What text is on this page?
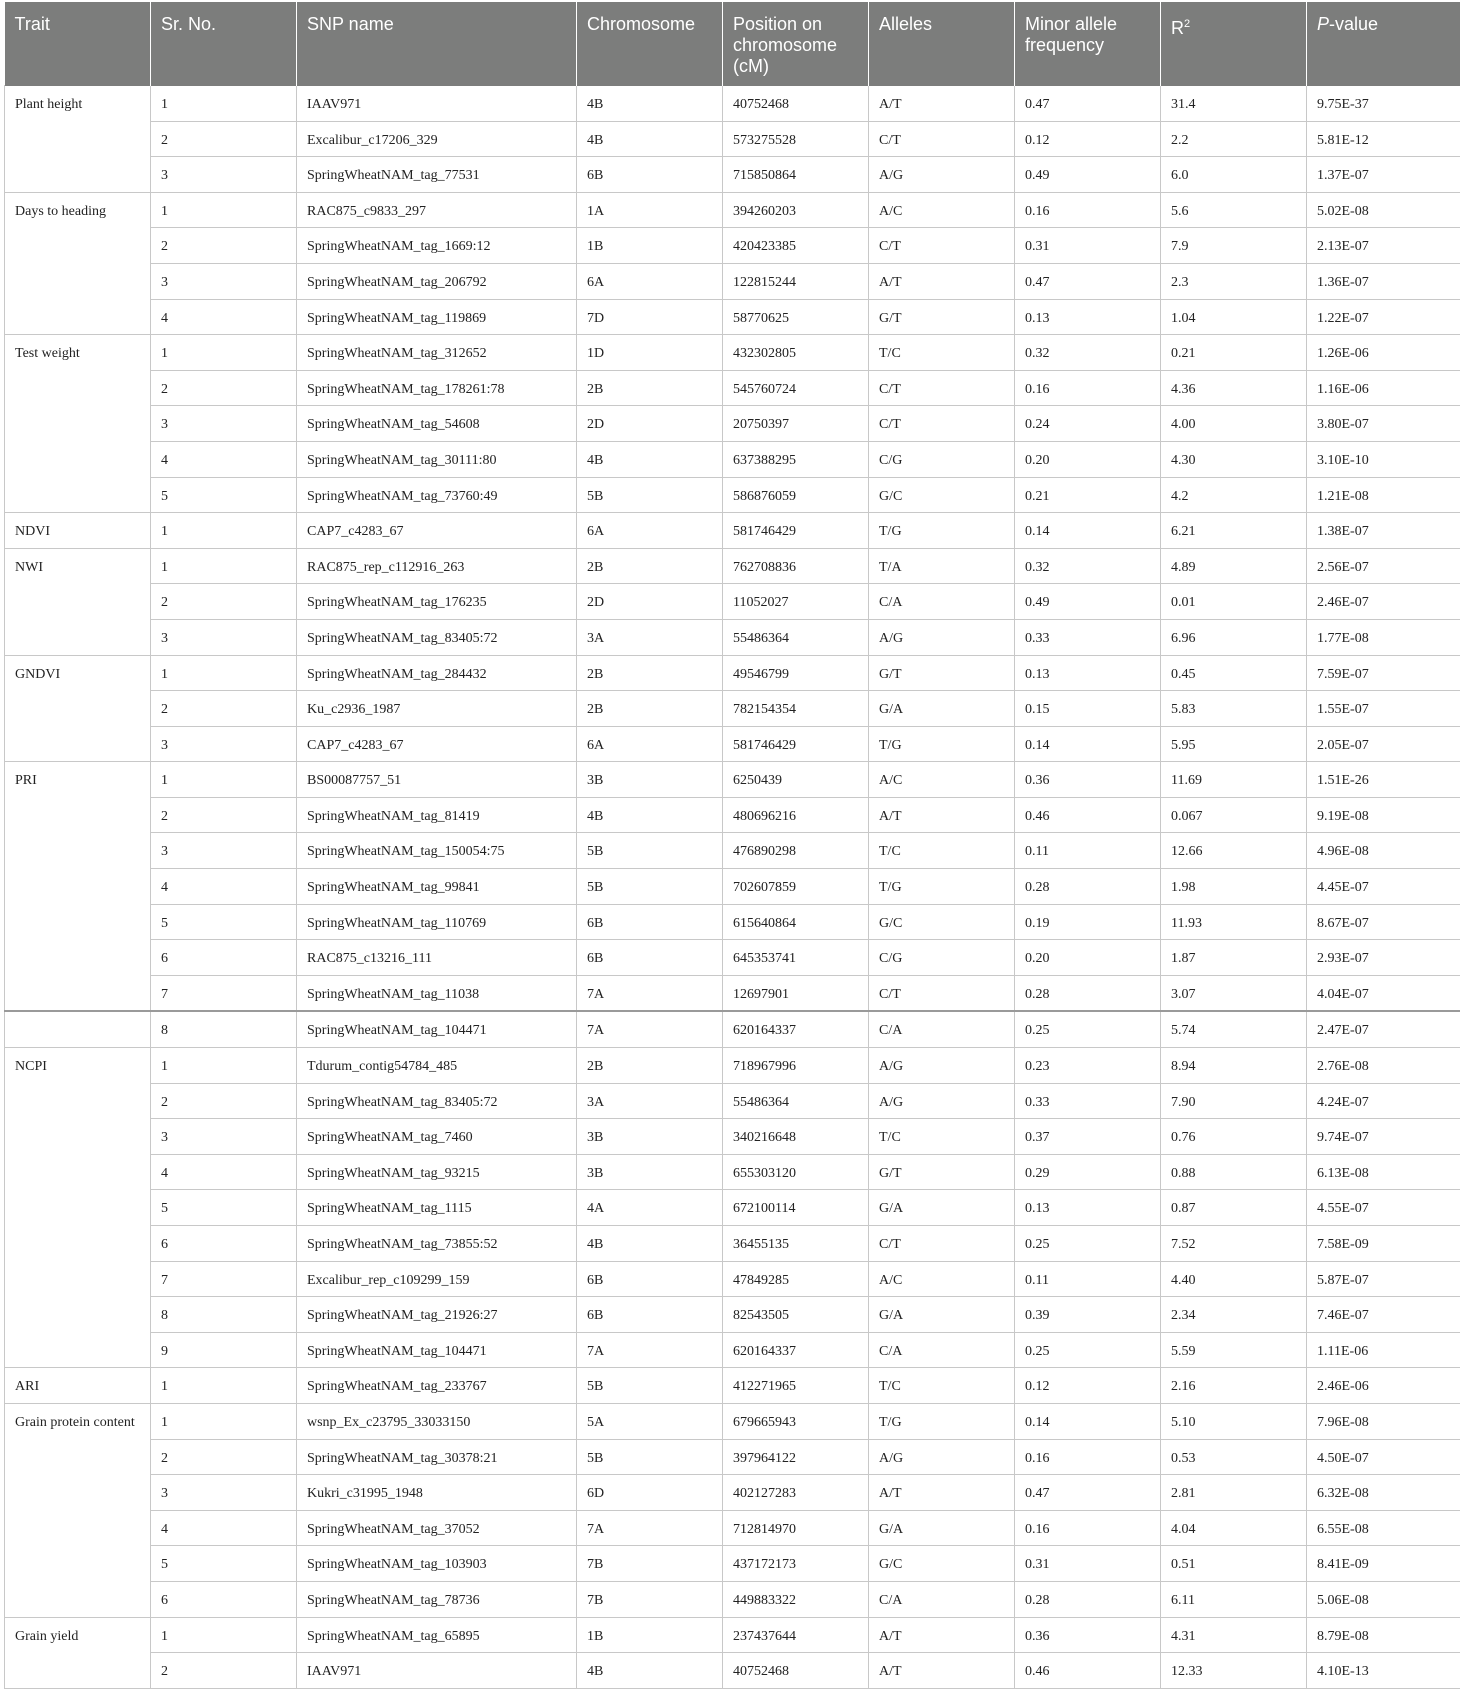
Trait	Sr. No.	SNP name	Chromosome	Position on chromosome (cM)	Alleles	Minor allele frequency	$R^2$	P-value
Plant height	1	IAAV971	4B	40752468	A/T	0.47	31.4	9.75E-37
	2	Excalibur_c17206_329	4B	573275528	C/T	0.12	2.2	5.81E-12
	3	SpringWheatNAM_tag_77531	6B	715850864	A/G	0.49	6.0	1.37E-07
Days to heading	1	RAC875_c9833_297	1A	394260203	A/C	0.16	5.6	5.02E-08
	2	SpringWheatNAM_tag_1669:12	1B	420423385	C/T	0.31	7.9	2.13E-07
	3	SpringWheatNAM_tag_206792	6A	122815244	A/T	0.47	2.3	1.36E-07
	4	SpringWheatNAM_tag_119869	7D	58770625	G/T	0.13	1.04	1.22E-07
Test weight	1	SpringWheatNAM_tag_312652	1D	432302805	T/C	0.32	0.21	1.26E-06
	2	SpringWheatNAM_tag_178261:78	2B	545760724	C/T	0.16	4.36	1.16E-06
	3	SpringWheatNAM_tag_54608	2D	20750397	C/T	0.24	4.00	3.80E-07
	4	SpringWheatNAM_tag_30111:80	4B	637388295	C/G	0.20	4.30	3.10E-10
	5	SpringWheatNAM_tag_73760:49	5B	586876059	G/C	0.21	4.2	1.21E-08
NDVI	1	CAP7_c4283_67	6A	581746429	T/G	0.14	6.21	1.38E-07
NWI	1	RAC875_rep_c112916_263	2B	762708836	T/A	0.32	4.89	2.56E-07
	2	SpringWheatNAM_tag_176235	2D	11052027	C/A	0.49	0.01	2.46E-07
	3	SpringWheatNAM_tag_83405:72	3A	55486364	A/G	0.33	6.96	1.77E-08
GNDVI	1	SpringWheatNAM_tag_284432	2B	49546799	G/T	0.13	0.45	7.59E-07
	2	Ku_c2936_1987	2B	782154354	G/A	0.15	5.83	1.55E-07
	3	CAP7_c4283_67	6A	581746429	T/G	0.14	5.95	2.05E-07
PRI	1	BS00087757_51	3B	6250439	A/C	0.36	11.69	1.51E-26
	2	SpringWheatNAM_tag_81419	4B	480696216	A/T	0.46	0.067	9.19E-08
	3	SpringWheatNAM_tag_150054:75	5B	476890298	T/C	0.11	12.66	4.96E-08
	4	SpringWheatNAM_tag_99841	5B	702607859	T/G	0.28	1.98	4.45E-07
	5	SpringWheatNAM_tag_110769	6B	615640864	G/C	0.19	11.93	8.67E-07
	6	RAC875_c13216_111	6B	645353741	C/G	0.20	1.87	2.93E-07
	7	SpringWheatNAM_tag_11038	7A	12697901	C/T	0.28	3.07	4.04E-07
	8	SpringWheatNAM_tag_104471	7A	620164337	C/A	0.25	5.74	2.47E-07
NCPI	1	Tdurum_contig54784_485	2B	718967996	A/G	0.23	8.94	2.76E-08
	2	SpringWheatNAM_tag_83405:72	3A	55486364	A/G	0.33	7.90	4.24E-07
	3	SpringWheatNAM_tag_7460	3B	340216648	T/C	0.37	0.76	9.74E-07
	4	SpringWheatNAM_tag_93215	3B	655303120	G/T	0.29	0.88	6.13E-08
	5	SpringWheatNAM_tag_1115	4A	672100114	G/A	0.13	0.87	4.55E-07
	6	SpringWheatNAM_tag_73855:52	4B	36455135	C/T	0.25	7.52	7.58E-09
	7	Excalibur_rep_c109299_159	6B	47849285	A/C	0.11	4.40	5.87E-07
	8	SpringWheatNAM_tag_21926:27	6B	82543505	G/A	0.39	2.34	7.46E-07
	9	SpringWheatNAM_tag_104471	7A	620164337	C/A	0.25	5.59	1.11E-06
ARI	1	SpringWheatNAM_tag_233767	5B	412271965	T/C	0.12	2.16	2.46E-06
Grain protein content	1	wsnp_Ex_c23795_33033150	5A	679665943	T/G	0.14	5.10	7.96E-08
	2	SpringWheatNAM_tag_30378:21	5B	397964122	A/G	0.16	0.53	4.50E-07
	3	Kukri_c31995_1948	6D	402127283	A/T	0.47	2.81	6.32E-08
	4	SpringWheatNAM_tag_37052	7A	712814970	G/A	0.16	4.04	6.55E-08
	5	SpringWheatNAM_tag_103903	7B	437172173	G/C	0.31	0.51	8.41E-09
	6	SpringWheatNAM_tag_78736	7B	449883322	C/A	0.28	6.11	5.06E-08
Grain yield	1	SpringWheatNAM_tag_65895	1B	237437644	A/T	0.36	4.31	8.79E-08
	2	IAAV971	4B	40752468	A/T	0.46	12.33	4.10E-13
